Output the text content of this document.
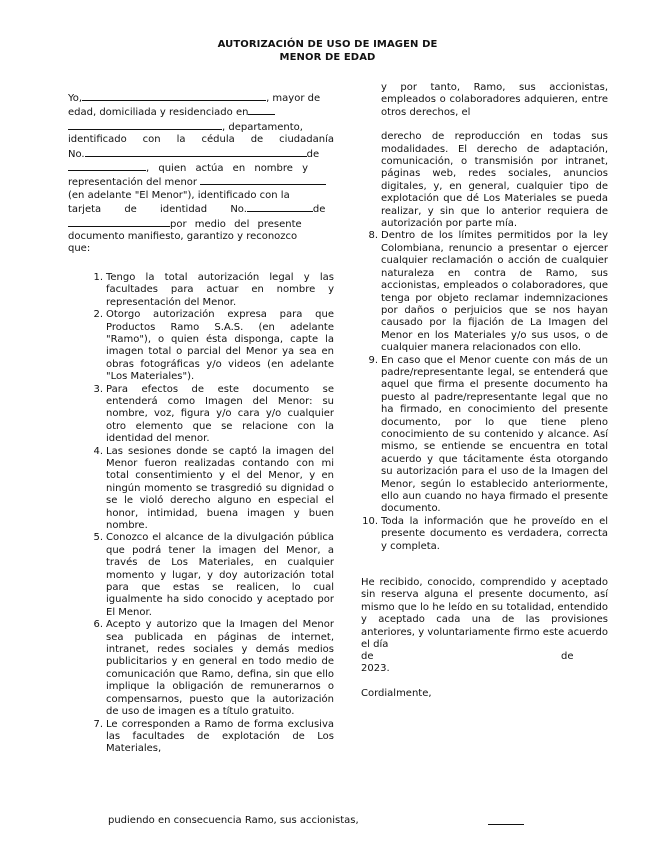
AUTORIZACIÓN DE USO DE IMAGEN DE
MENOR DE EDAD

Yo,	, mayor de

edad, domiciliada y residenciado en

, departamento,

identificado con la cédula de ciudadanía

No.	de

, quien actúa en nombre y

representación del menor

(en adelante "El Menor"), identificado con la

tarjeta de identidad No.	de

por medio del presente

documento manifiesto, garantizo y reconozco

que:

1. Tengo la total autorización legal y las facultades para actuar en nombre y representación del Menor.
2. Otorgo autorización expresa para que Productos Ramo S.A.S. (en adelante "Ramo"), o quien ésta disponga, capte la imagen total o parcial del Menor ya sea en obras fotográficas y/o videos (en adelante "Los Materiales").
3. Para efectos de este documento se entenderá como Imagen del Menor: su nombre, voz, figura y/o cara y/o cualquier otro elemento que se relacione con la identidad del menor.
4. Las sesiones donde se captó la imagen del Menor fueron realizadas contando con mi total consentimiento y el del Menor, y en ningún momento se trasgredió su dignidad o se le violó derecho alguno en especial el honor, intimidad, buena imagen y buen nombre.
5. Conozco el alcance de la divulgación pública que podrá tener la imagen del Menor, a través de Los Materiales, en cualquier momento y lugar, y doy autorización total para que estas se realicen, lo cual igualmente ha sido conocido y aceptado por El Menor.
6. Acepto y autorizo que la Imagen del Menor sea publicada en páginas de internet, intranet, redes sociales y demás medios publicitarios y en general en todo medio de comunicación que Ramo, defina, sin que ello implique la obligación de remunerarnos o compensarnos, puesto que la autorización de uso de imagen es a título gratuito.
7. Le corresponden a Ramo de forma exclusiva las facultades de explotación de Los Materiales,
pudiendo en consecuencia Ramo, sus accionistas,

y por tanto, Ramo, sus accionistas, empleados o colaboradores adquieren, entre otros derechos, el

derecho de reproducción en todas sus modalidades. El derecho de adaptación, comunicación, o transmisión por intranet, páginas web, redes sociales, anuncios digitales, y, en general, cualquier tipo de explotación que dé Los Materiales se pueda realizar, y sin que lo anterior requiera de autorización por parte mía.

8. Dentro de los límites permitidos por la ley Colombiana, renuncio a presentar o ejercer cualquier reclamación o acción de cualquier naturaleza en contra de Ramo, sus accionistas, empleados o colaboradores, que tenga por objeto reclamar indemnizaciones por daños o perjuicios que se nos hayan causado por la fijación de La Imagen del Menor en los Materiales y/o sus usos, o de cualquier manera relacionados con ello.
9. En caso que el Menor cuente con más de un padre/representante legal, se entenderá que aquel que firma el presente documento ha puesto al padre/representante legal que no ha firmado, en conocimiento del presente documento, por lo que tiene pleno conocimiento de su contenido y alcance. Así mismo, se entiende se encuentra en total acuerdo y que tácitamente ésta otorgando su autorización para el uso de la Imagen del Menor, según lo establecido anteriormente, ello aun cuando no haya firmado el presente documento.
10. Toda la información que he proveído en el presente documento es verdadera, correcta y completa.

He recibido, conocido, comprendido y aceptado sin reserva alguna el presente documento, así mismo que lo he leído en su totalidad, entendido y aceptado cada una de las provisiones anteriores, y voluntariamente firmo este acuerdo el día

de	de

2023.

Cordialmente,
